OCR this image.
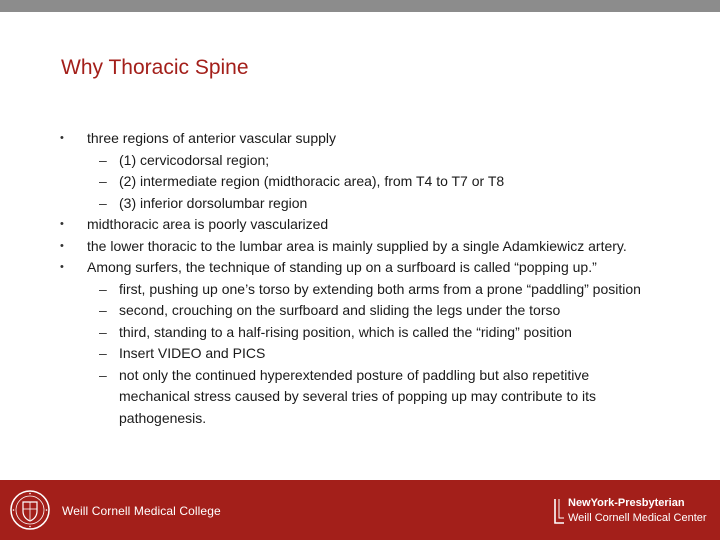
Why Thoracic Spine
•
three regions of anterior vascular supply
–
(1) cervicodorsal region;
–
(2) intermediate region (midthoracic area), from T4 to T7 or T8
–
(3) inferior dorsolumbar region
•
midthoracic area is poorly vascularized
•
the lower thoracic to the lumbar area is mainly supplied by a single Adamkiewicz artery.
•
Among surfers, the technique of standing up on a surfboard is called “popping up.”
–
first, pushing up one’s torso by extending both arms from a prone “paddling” position
–
second, crouching on the surfboard and sliding the legs under the torso
–
third, standing to a half-rising position, which is called the “riding” position
–
Insert VIDEO and PICS
–
not only the continued hyperextended posture of paddling but also repetitive mechanical stress caused by several tries of popping up may contribute to its pathogenesis.
Weill Cornell Medical College
NewYork-Presbyterian
Weill Cornell Medical Center
